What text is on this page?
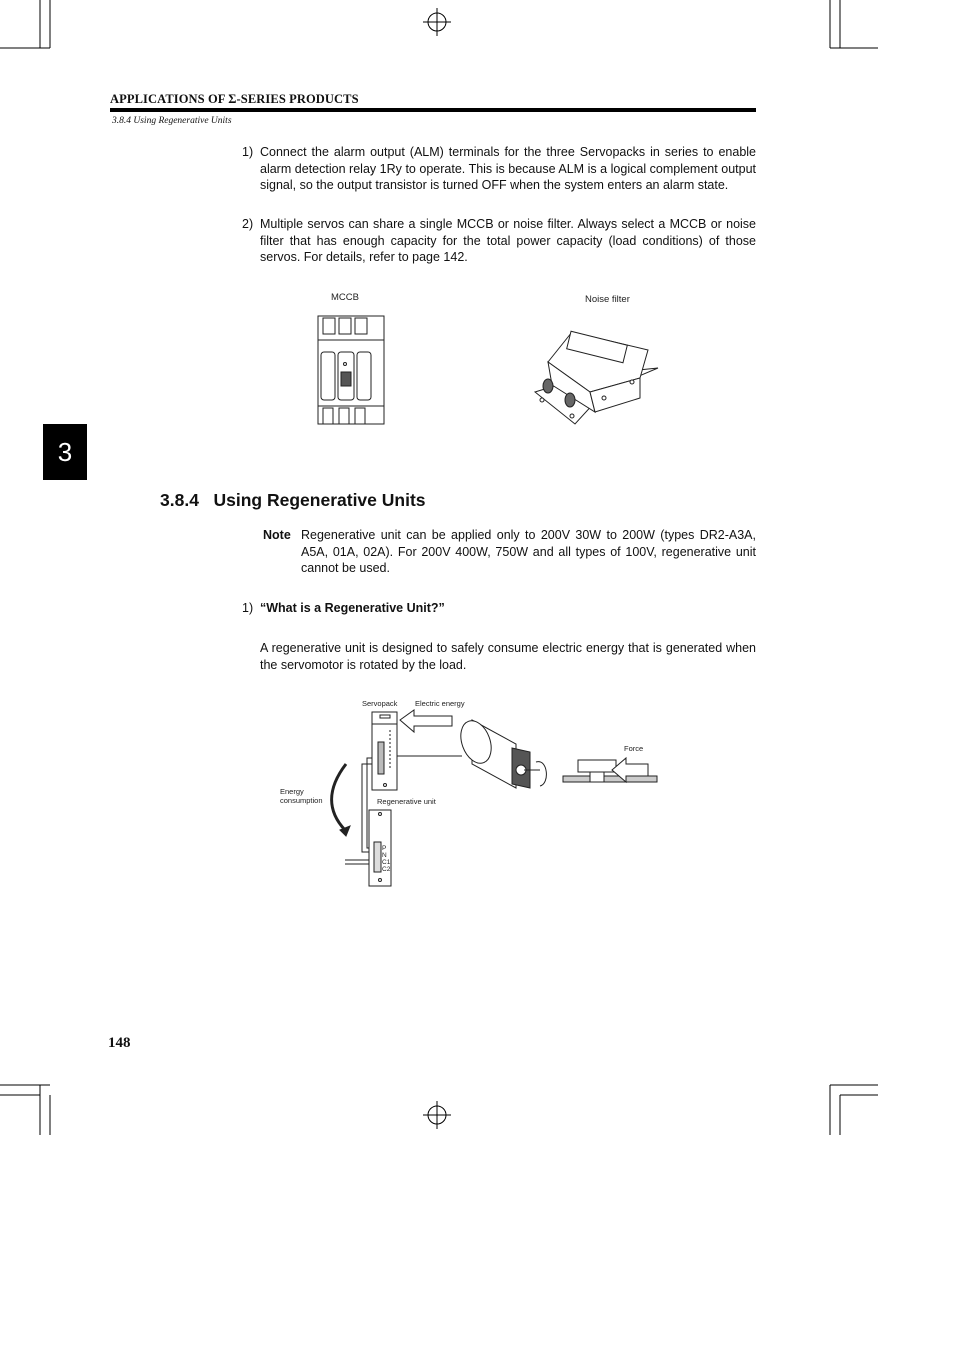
APPLICATIONS OF Σ-SERIES PRODUCTS
3.8.4 Using Regenerative Units
1) Connect the alarm output (ALM) terminals for the three Servopacks in series to enable alarm detection relay 1Ry to operate. This is because ALM is a logical complement output signal, so the output transistor is turned OFF when the system enters an alarm state.
2) Multiple servos can share a single MCCB or noise filter. Always select a MCCB or noise filter that has enough capacity for the total power capacity (load conditions) of those servos. For details, refer to page 142.
MCCB	Noise filter
3
3.8.4   Using Regenerative Units
Note Regenerative unit can be applied only to 200V 30W to 200W (types DR2-A3A, A5A, 01A, 02A). For 200V 400W, 750W and all types of 100V, regenerative unit cannot be used.
1) “What is a Regenerative Unit?”
A regenerative unit is designed to safely consume electric energy that is generated when the servomotor is rotated by the load.
Servopack Electric energy
Force
Energy
consumption	Regenerative unit
P
N
C1
C2
148
